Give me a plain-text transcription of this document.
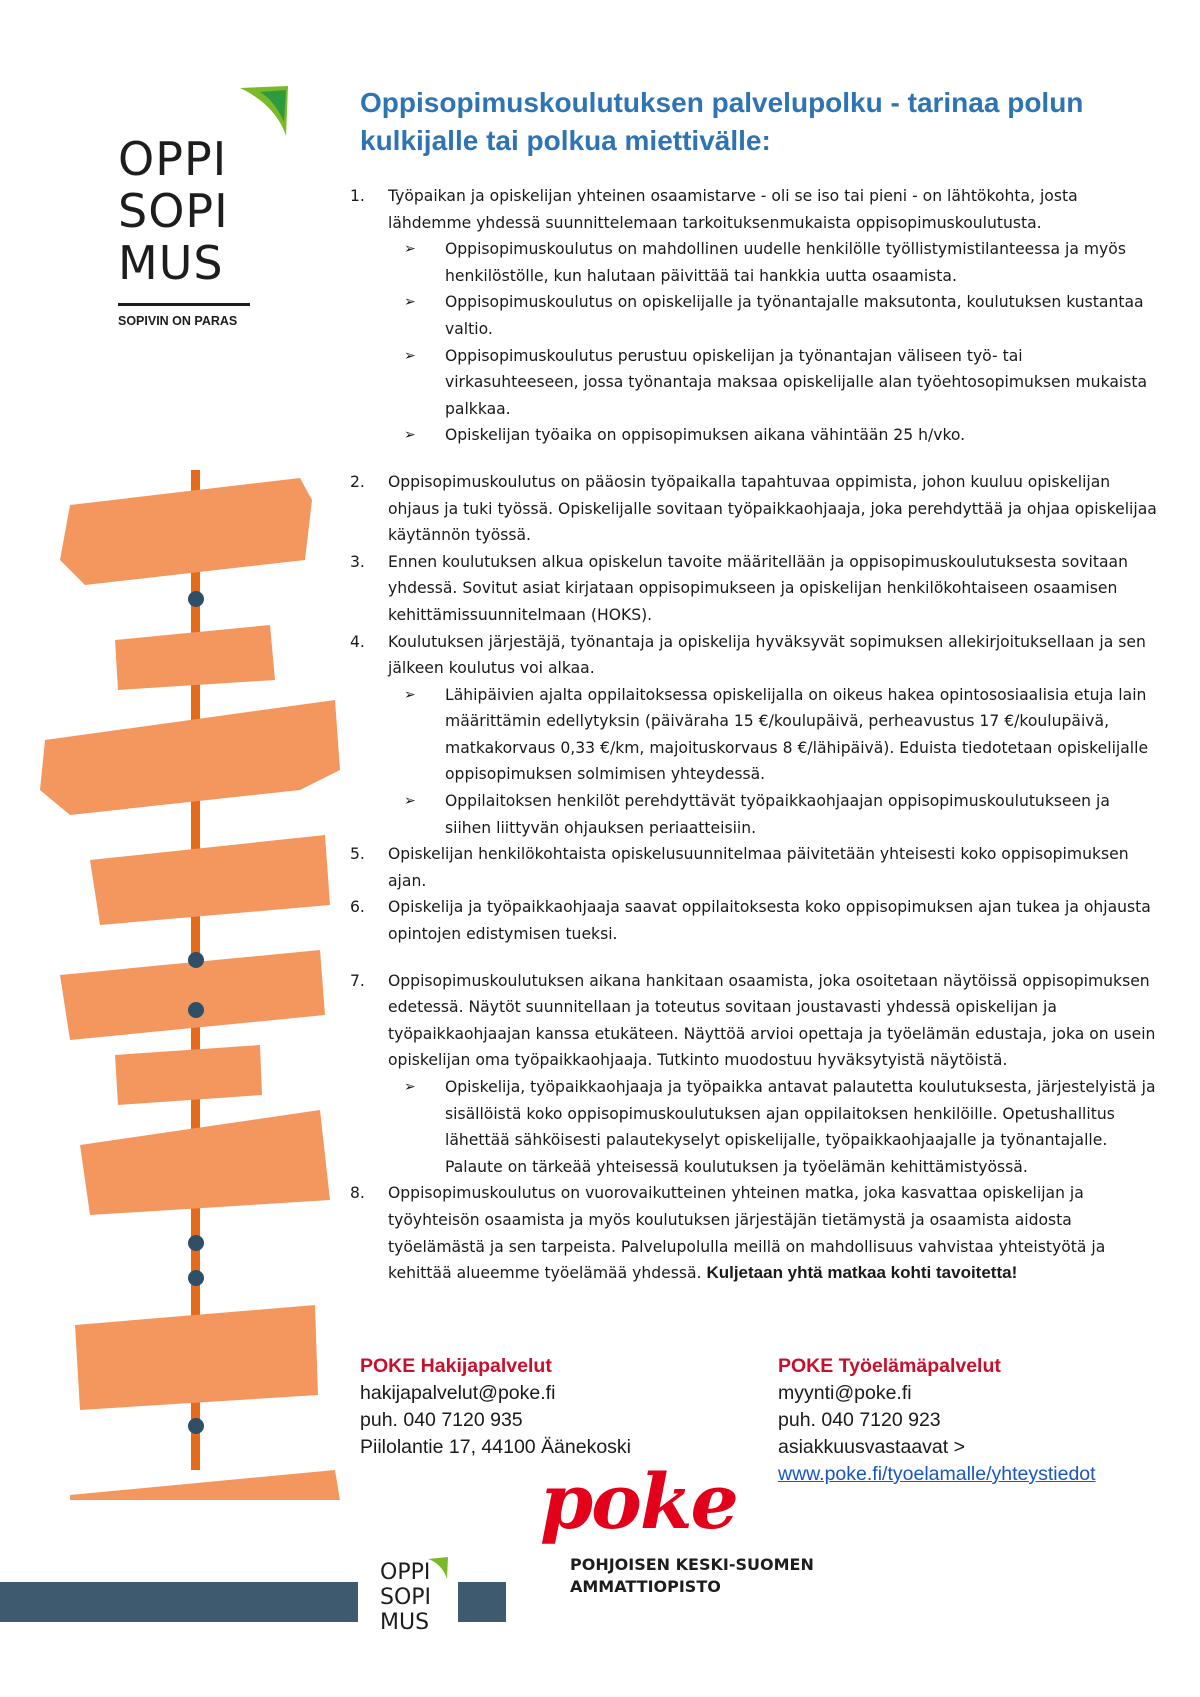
OPPI
SOPI
MUS
SOPIVIN ON PARAS
Oppisopimuskoulutuksen palvelupolku - tarinaa polun kulkijalle tai polkua miettivälle:
1. Työpaikan ja opiskelijan yhteinen osaamistarve - oli se iso tai pieni - on lähtökohta, josta lähdemme yhdessä suunnittelemaan tarkoituksenmukaista oppisopimuskoulutusta.
➢ Oppisopimuskoulutus on mahdollinen uudelle henkilölle työllistymistilanteessa ja myös henkilöstölle, kun halutaan päivittää tai hankkia uutta osaamista.
➢ Oppisopimuskoulutus on opiskelijalle ja työnantajalle maksutonta, koulutuksen kustantaa valtio.
➢ Oppisopimuskoulutus perustuu opiskelijan ja työnantajan väliseen työ- tai virkasuhteeseen, jossa työnantaja maksaa opiskelijalle alan työehtosopimuksen mukaista palkkaa.
➢ Opiskelijan työaika on oppisopimuksen aikana vähintään 25 h/vko.
2. Oppisopimuskoulutus on pääosin työpaikalla tapahtuvaa oppimista, johon kuuluu opiskelijan ohjaus ja tuki työssä. Opiskelijalle sovitaan työpaikkaohjaaja, joka perehdyttää ja ohjaa opiskelijaa käytännön työssä.
3. Ennen koulutuksen alkua opiskelun tavoite määritellään ja oppisopimuskoulutuksesta sovitaan yhdessä. Sovitut asiat kirjataan oppisopimukseen ja opiskelijan henkilökohtaiseen osaamisen kehittämissuunnitelmaan (HOKS).
4. Koulutuksen järjestäjä, työnantaja ja opiskelija hyväksyvät sopimuksen allekirjoituksellaan ja sen jälkeen koulutus voi alkaa.
➢ Lähipäivien ajalta oppilaitoksessa opiskelijalla on oikeus hakea opintososiaalisia etuja lain määrittämin edellytyksin (päiväraha 15 €/koulupäivä, perheavustus 17 €/koulupäivä, matkakorvaus 0,33 €/km, majoituskorvaus 8 €/lähipäivä). Eduista tiedotetaan opiskelijalle oppisopimuksen solmimisen yhteydessä.
➢ Oppilaitoksen henkilöt perehdyttävät työpaikkaohjaajan oppisopimuskoulutukseen ja siihen liittyvän ohjauksen periaatteisiin.
5. Opiskelijan henkilökohtaista opiskelusuunnitelmaa päivitetään yhteisesti koko oppisopimuksen ajan.
6. Opiskelija ja työpaikkaohjaaja saavat oppilaitoksesta koko oppisopimuksen ajan tukea ja ohjausta opintojen edistymisen tueksi.
7. Oppisopimuskoulutuksen aikana hankitaan osaamista, joka osoitetaan näytöissä oppisopimuksen edetessä. Näytöt suunnitellaan ja toteutus sovitaan joustavasti yhdessä opiskelijan ja työpaikkaohjaajan kanssa etukäteen. Näyttöä arvioi opettaja ja työelämän edustaja, joka on usein opiskelijan oma työpaikkaohjaaja. Tutkinto muodostuu hyväksytyistä näytöistä.
➢ Opiskelija, työpaikkaohjaaja ja työpaikka antavat palautetta koulutuksesta, järjestelyistä ja sisällöistä koko oppisopimuskoulutuksen ajan oppilaitoksen henkilöille. Opetushallitus lähettää sähköisesti palautekyselyt opiskelijalle, työpaikkaohjaajalle ja työnantajalle. Palaute on tärkeää yhteisessä koulutuksen ja työelämän kehittämistyössä.
8. Oppisopimuskoulutus on vuorovaikutteinen yhteinen matka, joka kasvattaa opiskelijan ja työyhteisön osaamista ja myös koulutuksen järjestäjän tietämystä ja osaamista aidosta työelämästä ja sen tarpeista. Palvelupolulla meillä on mahdollisuus vahvistaa yhteistyötä ja kehittää alueemme työelämää yhdessä. Kuljetaan yhtä matkaa kohti tavoitetta!
POKE Hakijapalvelut
hakijapalvelut@poke.fi
puh. 040 7120 935
Piilolantie 17, 44100 Äänekoski
POKE Työelämäpalvelut
myynti@poke.fi
puh. 040 7120 923
asiakkuusvastaavat >
www.poke.fi/tyoelamalle/yhteystiedot
poke
POHJOISEN KESKI-SUOMEN
AMMATTIOPISTO
OPPI
SOPI
MUS
